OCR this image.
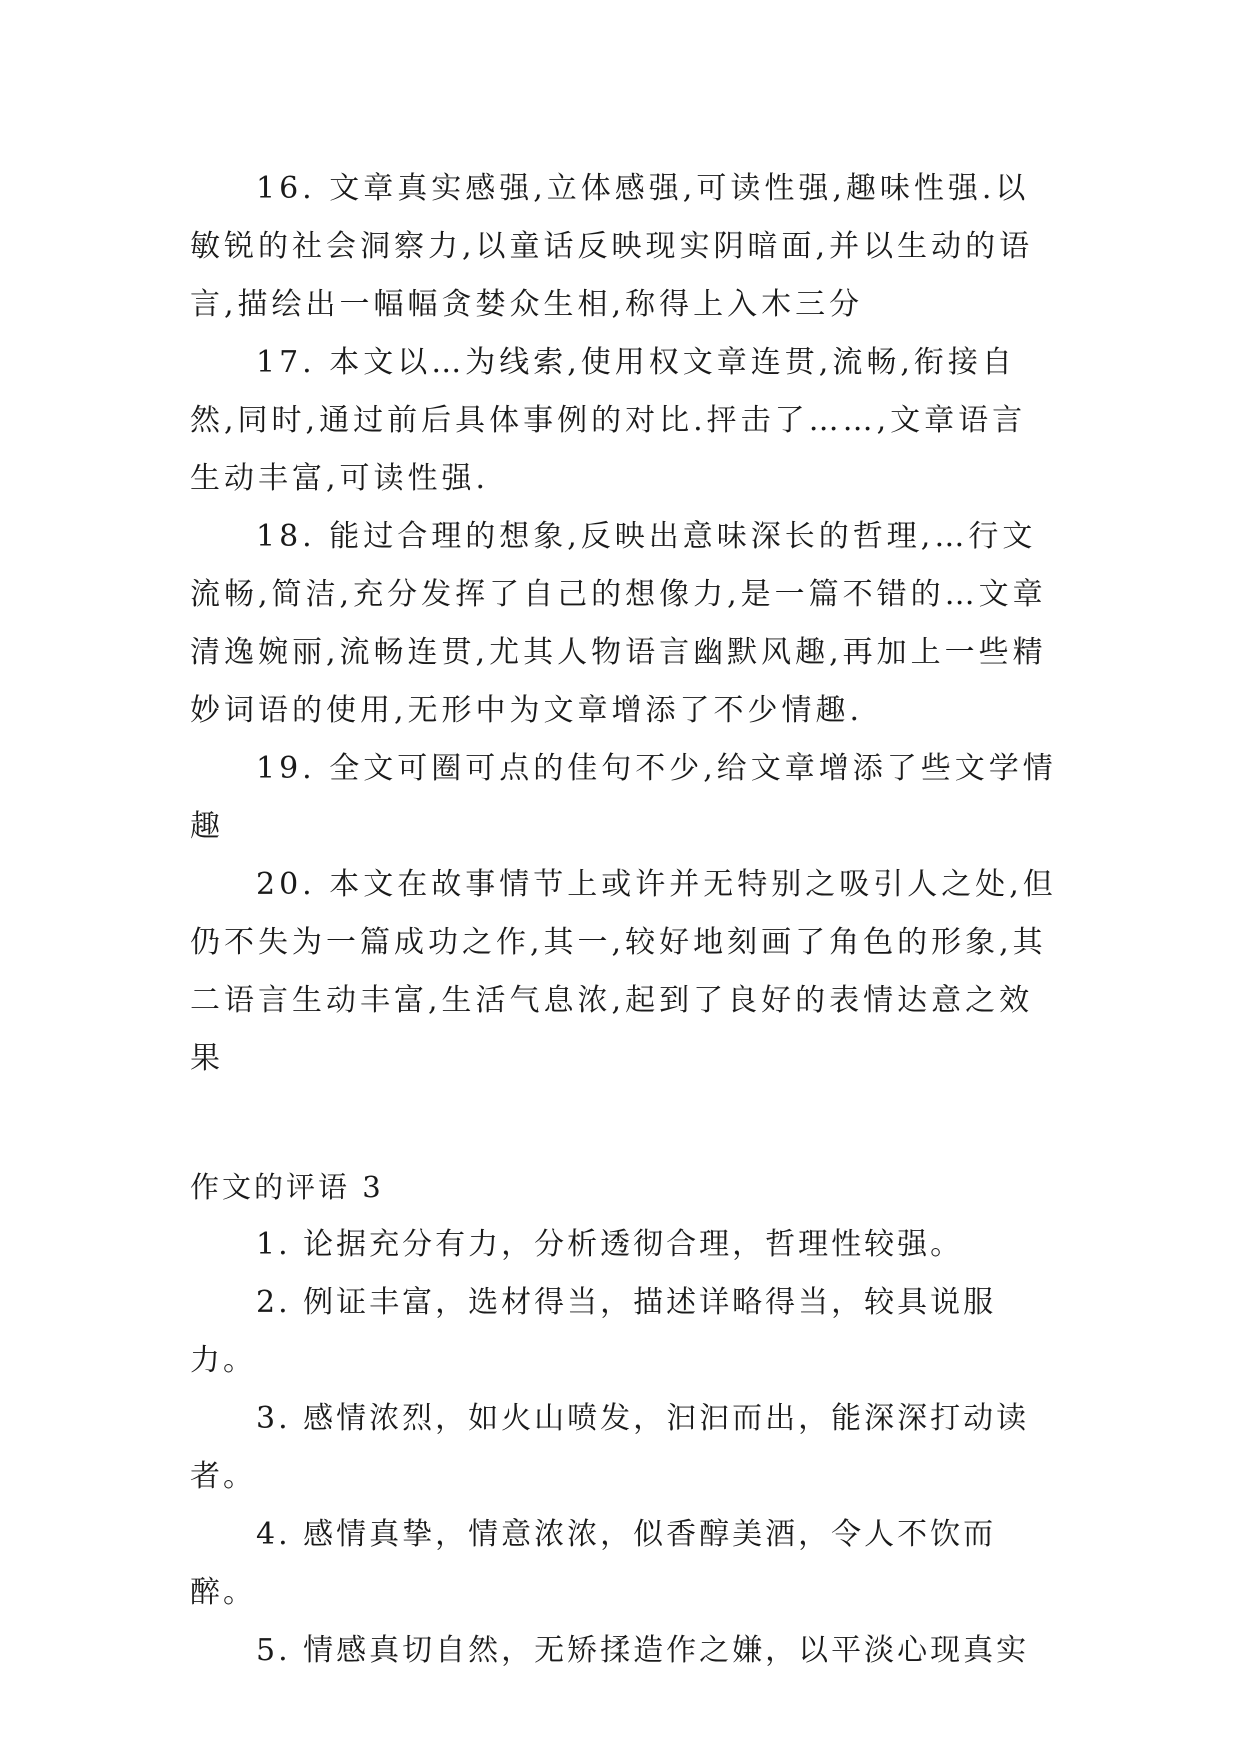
16. 文章真实感强,立体感强,可读性强,趣味性强.以敏锐的社会洞察力,以童话反映现实阴暗面,并以生动的语言,描绘出一幅幅贪婪众生相,称得上入木三分

17. 本文以…为线索,使用权文章连贯,流畅,衔接自然,同时,通过前后具体事例的对比.抨击了……,文章语言生动丰富,可读性强.

18. 能过合理的想象,反映出意味深长的哲理,…行文流畅,简洁,充分发挥了自己的想像力,是一篇不错的…文章清逸婉丽,流畅连贯,尤其人物语言幽默风趣,再加上一些精妙词语的使用,无形中为文章增添了不少情趣.

19. 全文可圈可点的佳句不少,给文章增添了些文学情趣

20. 本文在故事情节上或许并无特别之吸引人之处,但仍不失为一篇成功之作,其一,较好地刻画了角色的形象,其二语言生动丰富,生活气息浓,起到了良好的表情达意之效果

作文的评语 3

1. 论据充分有力，分析透彻合理，哲理性较强。

2. 例证丰富，选材得当，描述详略得当，较具说服力。

3. 感情浓烈，如火山喷发，汩汩而出，能深深打动读者。

4. 感情真挚，情意浓浓，似香醇美酒，令人不饮而醉。

5. 情感真切自然，无矫揉造作之嫌，以平淡心现真实
